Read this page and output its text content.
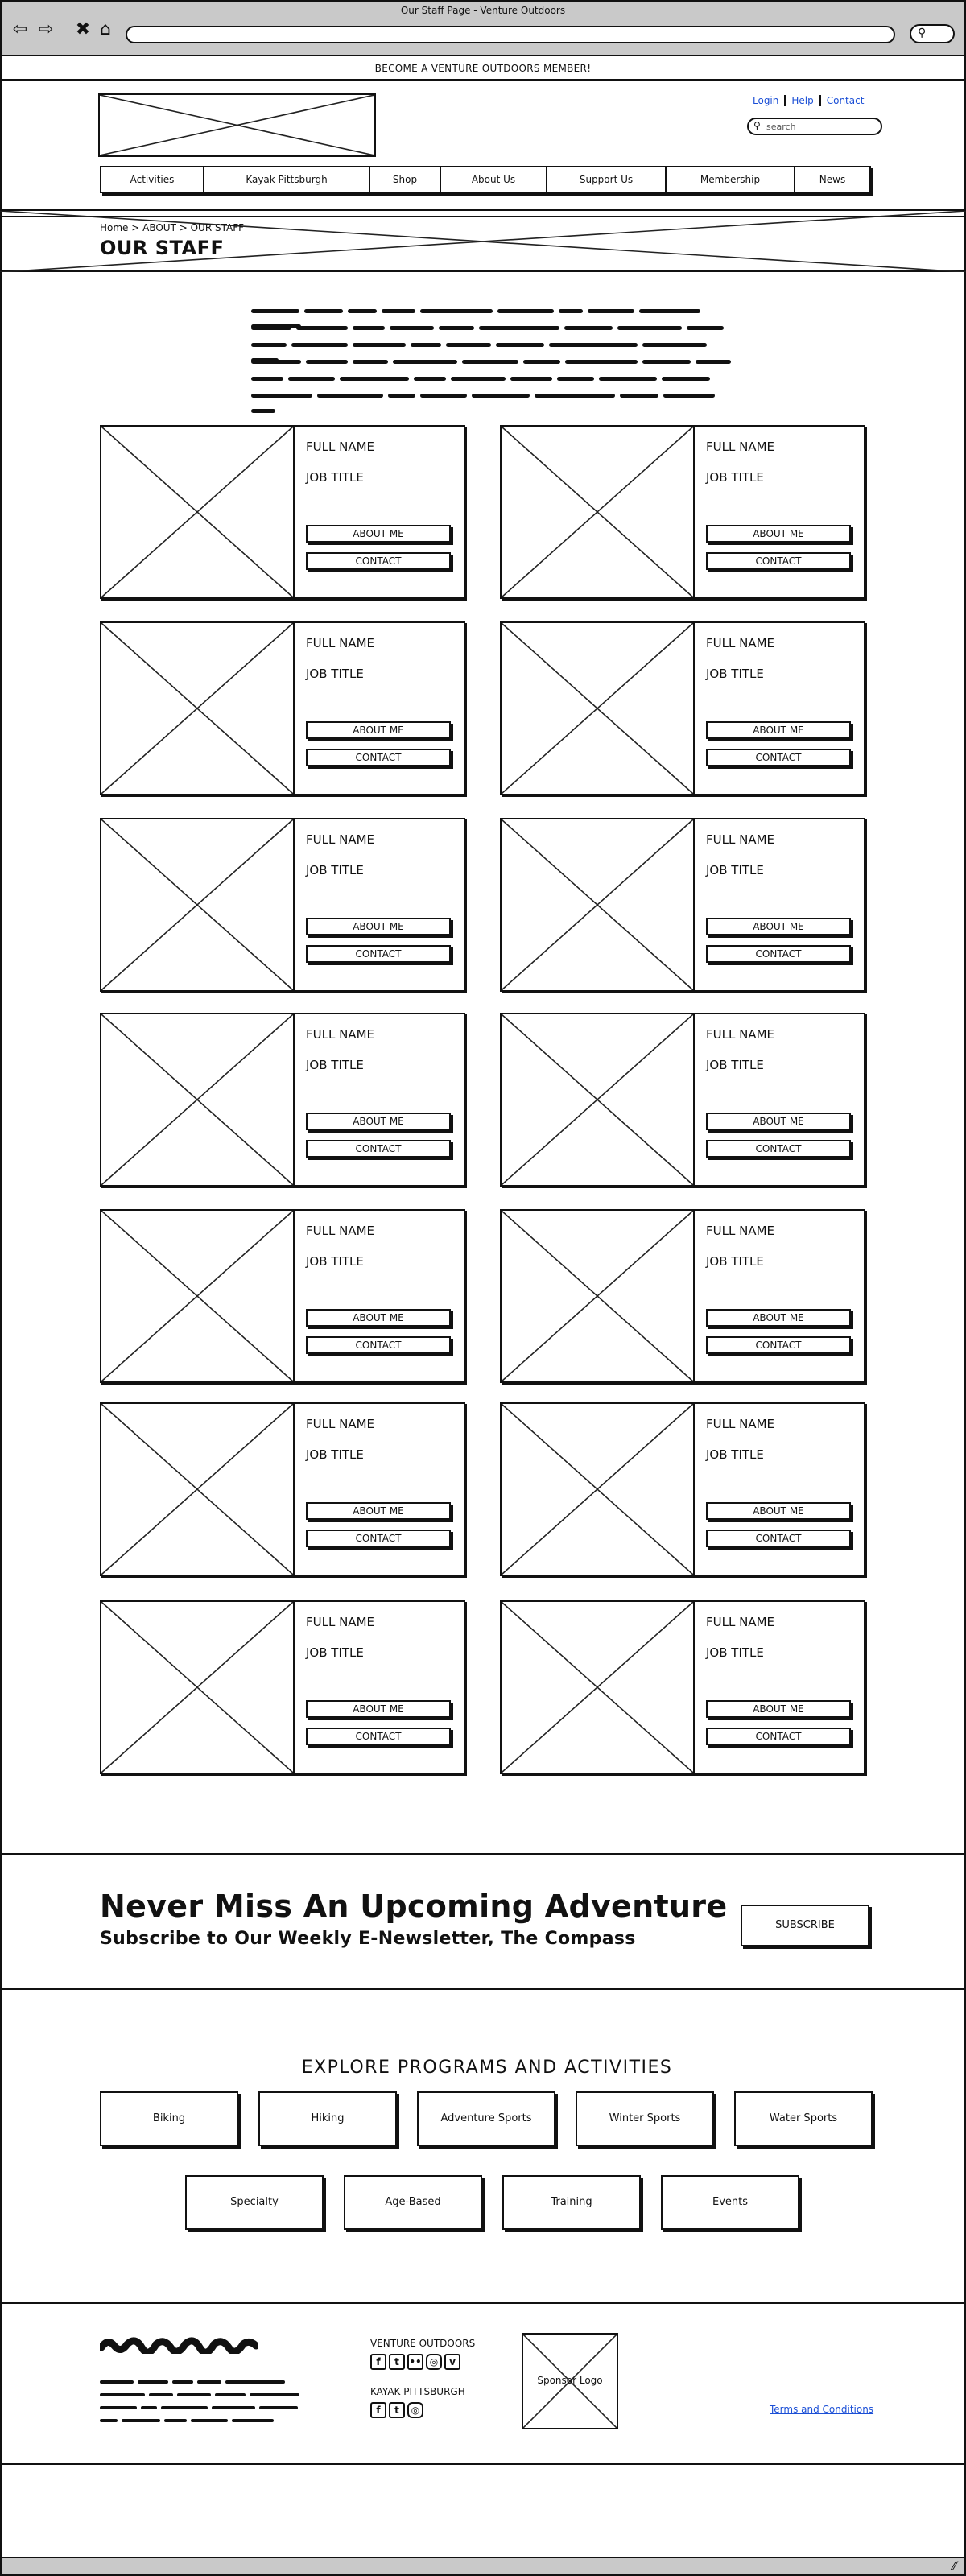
Our Staff Page - Venture Outdoors
⇦ ⇨ ✖ ⌂	⚲
BECOME A VENTURE OUTDOORS MEMBER!
Login Help Contact
⚲ search
Activities	Kayak Pittsburgh	Shop	About Us	Support Us	Membership	News
Home > ABOUT > OUR STAFF
OUR STAFF
FULL NAME
JOB TITLE
ABOUT ME
CONTACT
FULL NAME
JOB TITLE
ABOUT ME
CONTACT
FULL NAME
JOB TITLE
ABOUT ME
CONTACT
FULL NAME
JOB TITLE
ABOUT ME
CONTACT
FULL NAME
JOB TITLE
ABOUT ME
CONTACT
FULL NAME
JOB TITLE
ABOUT ME
CONTACT
FULL NAME
JOB TITLE
ABOUT ME
CONTACT
FULL NAME
JOB TITLE
ABOUT ME
CONTACT
FULL NAME
JOB TITLE
ABOUT ME
CONTACT
FULL NAME
JOB TITLE
ABOUT ME
CONTACT
FULL NAME
JOB TITLE
ABOUT ME
CONTACT
FULL NAME
JOB TITLE
ABOUT ME
CONTACT
FULL NAME
JOB TITLE
ABOUT ME
CONTACT
FULL NAME
JOB TITLE
ABOUT ME
CONTACT
Never Miss An Upcoming Adventure
Subscribe to Our Weekly E-Newsletter, The Compass
SUBSCRIBE
EXPLORE PROGRAMS AND ACTIVITIES
Biking	Hiking	Adventure Sports	Winter Sports	Water Sports
Specialty	Age-Based	Training	Events
VENTURE OUTDOORS
f	t	•• ◎	v
KAYAK PITTSBURGH
f	t	◎
Sponsor Logo
Terms and Conditions
⁄⁄
